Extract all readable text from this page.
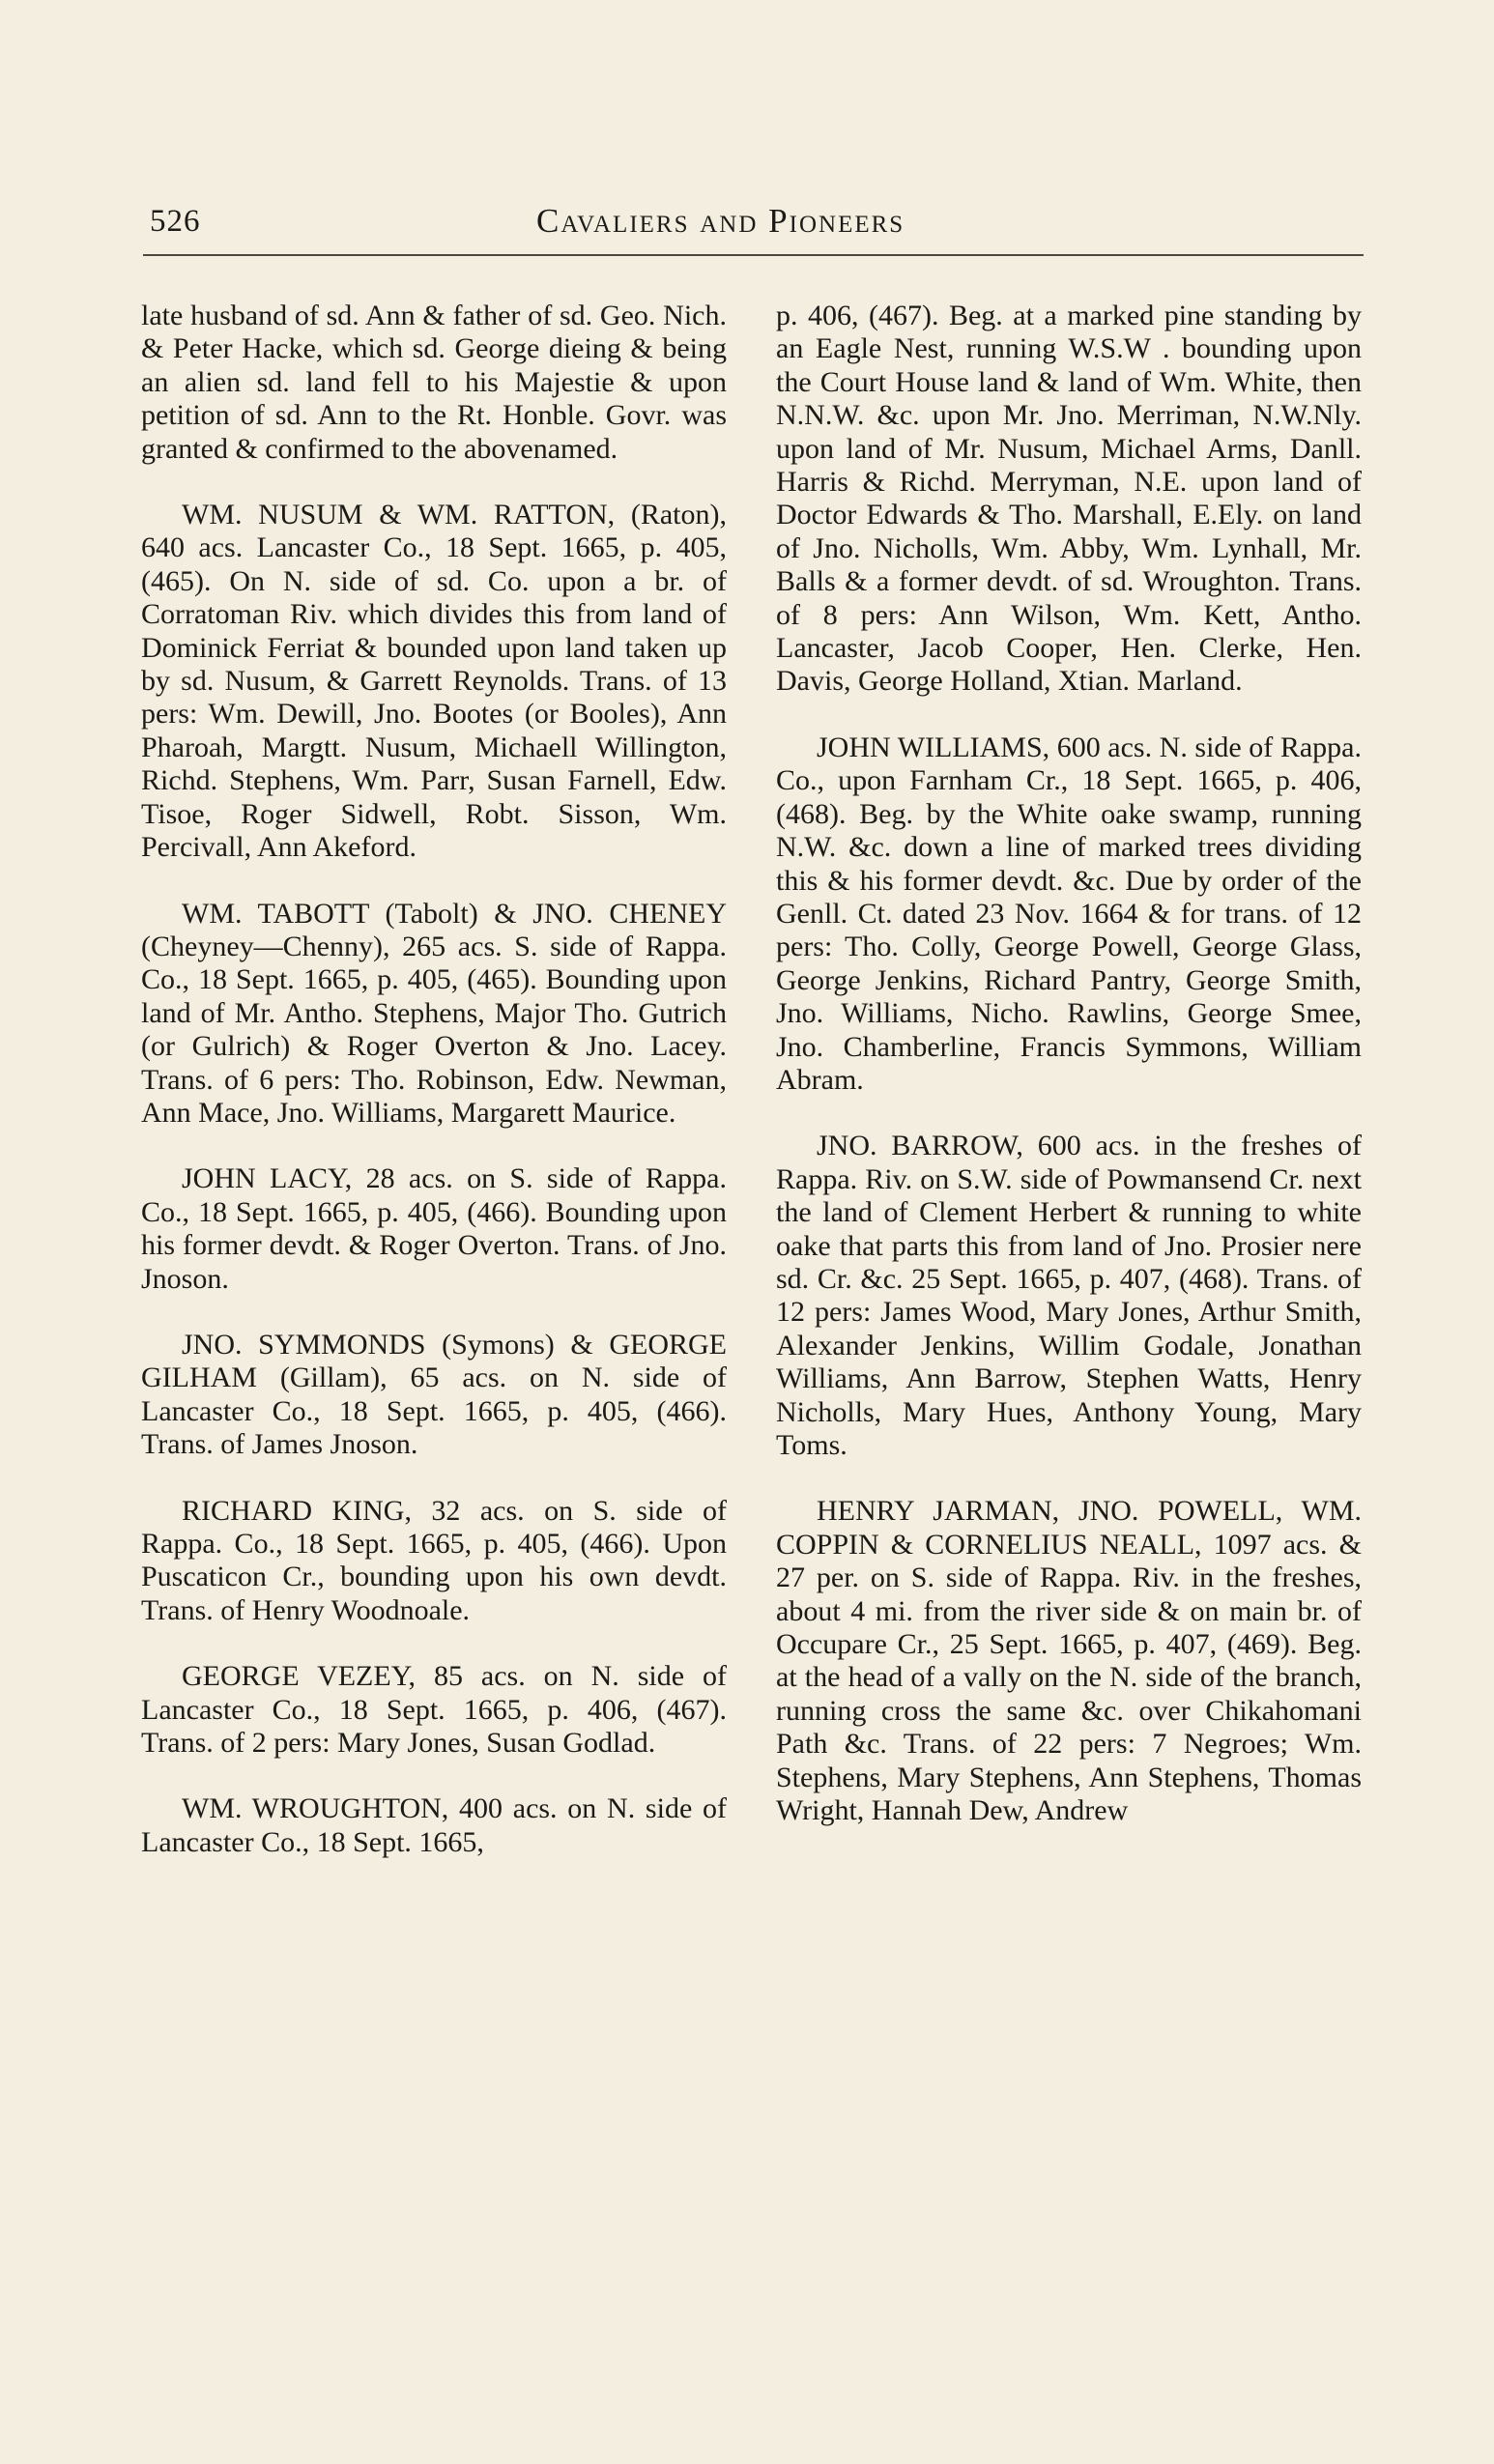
526	Cavaliers and Pioneers

late husband of sd. Ann & father of sd. Geo. Nich. & Peter Hacke, which sd. George dieing & being an alien sd. land fell to his Majestie & upon petition of sd. Ann to the Rt. Honble. Govr. was granted & confirmed to the abovenamed.

WM. NUSUM & WM. RATTON, (Raton), 640 acs. Lancaster Co., 18 Sept. 1665, p. 405, (465). On N. side of sd. Co. upon a br. of Corratoman Riv. which divides this from land of Dominick Ferriat & bounded upon land taken up by sd. Nusum, & Garrett Reynolds. Trans. of 13 pers: Wm. Dewill, Jno. Bootes (or Booles), Ann Pharoah, Margtt. Nusum, Michaell Willington, Richd. Stephens, Wm. Parr, Susan Farnell, Edw. Tisoe, Roger Sidwell, Robt. Sisson, Wm. Percivall, Ann Akeford.

WM. TABOTT (Tabolt) & JNO. CHENEY (Cheyney—Chenny), 265 acs. S. side of Rappa. Co., 18 Sept. 1665, p. 405, (465). Bounding upon land of Mr. Antho. Stephens, Major Tho. Gutrich (or Gulrich) & Roger Overton & Jno. Lacey. Trans. of 6 pers: Tho. Robinson, Edw. Newman, Ann Mace, Jno. Williams, Margarett Maurice.

JOHN LACY, 28 acs. on S. side of Rappa. Co., 18 Sept. 1665, p. 405, (466). Bounding upon his former devdt. & Roger Overton. Trans. of Jno. Jnoson.

JNO. SYMMONDS (Symons) & GEORGE GILHAM (Gillam), 65 acs. on N. side of Lancaster Co., 18 Sept. 1665, p. 405, (466). Trans. of James Jnoson.

RICHARD KING, 32 acs. on S. side of Rappa. Co., 18 Sept. 1665, p. 405, (466). Upon Puscaticon Cr., bounding upon his own devdt. Trans. of Henry Woodnoale.

GEORGE VEZEY, 85 acs. on N. side of Lancaster Co., 18 Sept. 1665, p. 406, (467). Trans. of 2 pers: Mary Jones, Susan Godlad.

WM. WROUGHTON, 400 acs. on N. side of Lancaster Co., 18 Sept. 1665,

p. 406, (467). Beg. at a marked pine standing by an Eagle Nest, running W.S.W . bounding upon the Court House land & land of Wm. White, then N.N.W. &c. upon Mr. Jno. Merriman, N.W.Nly. upon land of Mr. Nusum, Michael Arms, Danll. Harris & Richd. Merryman, N.E. upon land of Doctor Edwards & Tho. Marshall, E.Ely. on land of Jno. Nicholls, Wm. Abby, Wm. Lynhall, Mr. Balls & a former devdt. of sd. Wroughton. Trans. of 8 pers: Ann Wilson, Wm. Kett, Antho. Lancaster, Jacob Cooper, Hen. Clerke, Hen. Davis, George Holland, Xtian. Marland.

JOHN WILLIAMS, 600 acs. N. side of Rappa. Co., upon Farnham Cr., 18 Sept. 1665, p. 406, (468). Beg. by the White oake swamp, running N.W. &c. down a line of marked trees dividing this & his former devdt. &c. Due by order of the Genll. Ct. dated 23 Nov. 1664 & for trans. of 12 pers: Tho. Colly, George Powell, George Glass, George Jenkins, Richard Pantry, George Smith, Jno. Williams, Nicho. Rawlins, George Smee, Jno. Chamberline, Francis Symmons, William Abram.

JNO. BARROW, 600 acs. in the freshes of Rappa. Riv. on S.W. side of Powmansend Cr. next the land of Clement Herbert & running to white oake that parts this from land of Jno. Prosier nere sd. Cr. &c. 25 Sept. 1665, p. 407, (468). Trans. of 12 pers: James Wood, Mary Jones, Arthur Smith, Alexander Jenkins, Willim Godale, Jonathan Williams, Ann Barrow, Stephen Watts, Henry Nicholls, Mary Hues, Anthony Young, Mary Toms.

HENRY JARMAN, JNO. POWELL, WM. COPPIN & CORNELIUS NEALL, 1097 acs. & 27 per. on S. side of Rappa. Riv. in the freshes, about 4 mi. from the river side & on main br. of Occupare Cr., 25 Sept. 1665, p. 407, (469). Beg. at the head of a vally on the N. side of the branch, running cross the same &c. over Chikahomani Path &c. Trans. of 22 pers: 7 Negroes; Wm. Stephens, Mary Stephens, Ann Stephens, Thomas Wright, Hannah Dew, Andrew
